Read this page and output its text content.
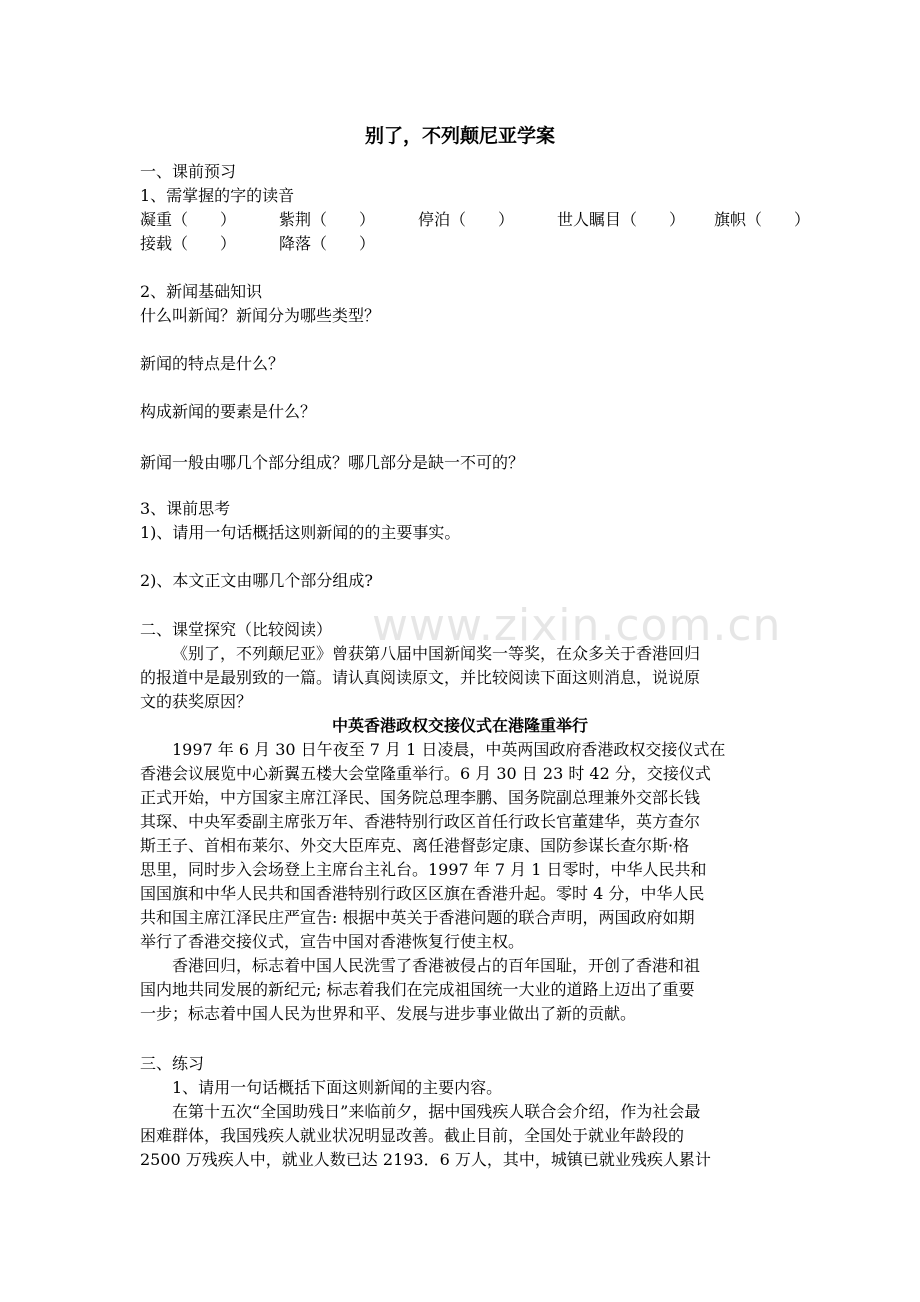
www.zixin.com.cn
别了，不列颠尼亚学案
一、课前预习
1、需掌握的字的读音
凝重（　　）	紫荆（　　）	停泊（　　）	世人瞩目（　　） 旗帜（　　）
接载（　　）	降落（　　）
2、新闻基础知识
什么叫新闻？新闻分为哪些类型？
新闻的特点是什么？
构成新闻的要素是什么？
新闻一般由哪几个部分组成？哪几部分是缺一不可的？
3、课前思考
1)、请用一句话概括这则新闻的的主要事实。
2)、本文正文由哪几个部分组成?
二、课堂探究（比较阅读）
《别了，不列颠尼亚》曾获第八届中国新闻奖一等奖，在众多关于香港回归
的报道中是最别致的一篇。请认真阅读原文，并比较阅读下面这则消息，说说原
文的获奖原因？
中英香港政权交接仪式在港隆重举行
1997 年 6 月 30 日午夜至 7 月 1 日凌晨，中英两国政府香港政权交接仪式在
香港会议展览中心新翼五楼大会堂隆重举行。6 月 30 日 23 时 42 分，交接仪式
正式开始，中方国家主席江泽民、国务院总理李鹏、国务院副总理兼外交部长钱
其琛、中央军委副主席张万年、香港特别行政区首任行政长官董建华，英方查尔
斯王子、首相布莱尔、外交大臣库克、离任港督彭定康、国防参谋长查尔斯·格
思里，同时步入会场登上主席台主礼台。1997 年 7 月 1 日零时，中华人民共和
国国旗和中华人民共和国香港特别行政区区旗在香港升起。零时 4 分，中华人民
共和国主席江泽民庄严宣告: 根据中英关于香港问题的联合声明，两国政府如期
举行了香港交接仪式，宣告中国对香港恢复行使主权。
香港回归，标志着中国人民洗雪了香港被侵占的百年国耻，开创了香港和祖
国内地共同发展的新纪元; 标志着我们在完成祖国统一大业的道路上迈出了重要
一步；标志着中国人民为世界和平、发展与进步事业做出了新的贡献。
三、练习
1、请用一句话概括下面这则新闻的主要内容。
在第十五次“全国助残日”来临前夕，据中国残疾人联合会介绍，作为社会最
困难群体，我国残疾人就业状况明显改善。截止目前，全国处于就业年龄段的
2500 万残疾人中，就业人数已达 2193．6 万人，其中，城镇已就业残疾人累计
